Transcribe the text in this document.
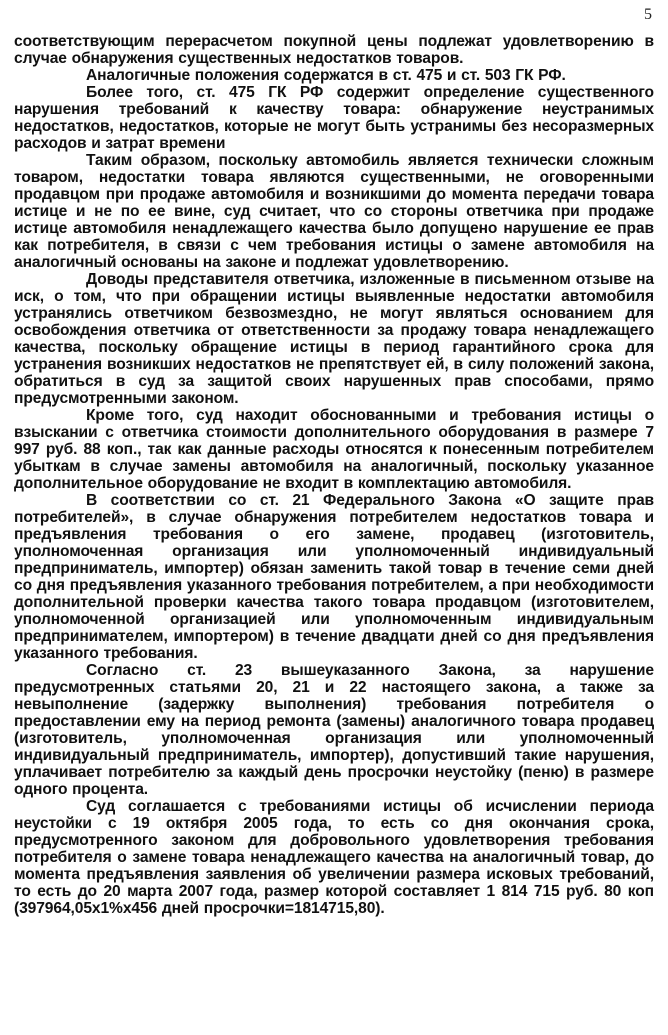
5

соответствующим перерасчетом покупной цены подлежат удовлетворению в случае обнаружения существенных недостатков товаров.

Аналогичные положения содержатся в ст. 475 и ст. 503 ГК РФ.

Более того, ст. 475 ГК РФ содержит определение существенного нарушения требований к качеству товара: обнаружение неустранимых недостатков, недостатков, которые не могут быть устранимы без несоразмерных расходов и затрат времени

Таким образом, поскольку автомобиль является технически сложным товаром, недостатки товара являются существенными, не оговоренными продавцом при продаже автомобиля и возникшими до момента передачи товара истице и не по ее вине, суд считает, что со стороны ответчика при продаже истице автомобиля ненадлежащего качества было допущено нарушение ее прав как потребителя, в связи с чем требования истицы о замене автомобиля на аналогичный основаны на законе и подлежат удовлетворению.

Доводы представителя ответчика, изложенные в письменном отзыве на иск, о том, что при обращении истицы выявленные недостатки автомобиля устранялись ответчиком безвозмездно, не могут являться основанием для освобождения ответчика от ответственности за продажу товара ненадлежащего качества, поскольку обращение истицы в период гарантийного срока для устранения возникших недостатков не препятствует ей, в силу положений закона, обратиться в суд за защитой своих нарушенных прав способами, прямо предусмотренными законом.

Кроме того, суд находит обоснованными и требования истицы о взыскании с ответчика стоимости дополнительного оборудования в размере 7 997 руб. 88 коп., так как данные расходы относятся к понесенным потребителем убыткам в случае замены автомобиля на аналогичный, поскольку указанное дополнительное оборудование не входит в комплектацию автомобиля.

В соответствии со ст. 21 Федерального Закона «О защите прав потребителей», в случае обнаружения потребителем недостатков товара и предъявления требования о его замене, продавец (изготовитель, уполномоченная организация или уполномоченный индивидуальный предприниматель, импортер) обязан заменить такой товар в течение семи дней со дня предъявления указанного требования потребителем, а при необходимости дополнительной проверки качества такого товара продавцом (изготовителем, уполномоченной организацией или уполномоченным индивидуальным предпринимателем, импортером) в течение двадцати дней со дня предъявления указанного требования.

Согласно ст. 23 вышеуказанного Закона, за нарушение предусмотренных статьями 20, 21 и 22 настоящего закона, а также за невыполнение (задержку выполнения) требования потребителя о предоставлении ему на период ремонта (замены) аналогичного товара продавец (изготовитель, уполномоченная организация или уполномоченный индивидуальный предприниматель, импортер), допустивший такие нарушения, уплачивает потребителю за каждый день просрочки неустойку (пеню) в размере одного процента.

Суд соглашается с требованиями истицы об исчислении периода неустойки с 19 октября 2005 года, то есть со дня окончания срока, предусмотренного законом для добровольного удовлетворения требования потребителя о замене товара ненадлежащего качества на аналогичный товар, до момента предъявления заявления об увеличении размера исковых требований, то есть до 20 марта 2007 года, размер которой составляет 1 814 715 руб. 80 коп (397964,05х1%х456 дней просрочки=1814715,80).
